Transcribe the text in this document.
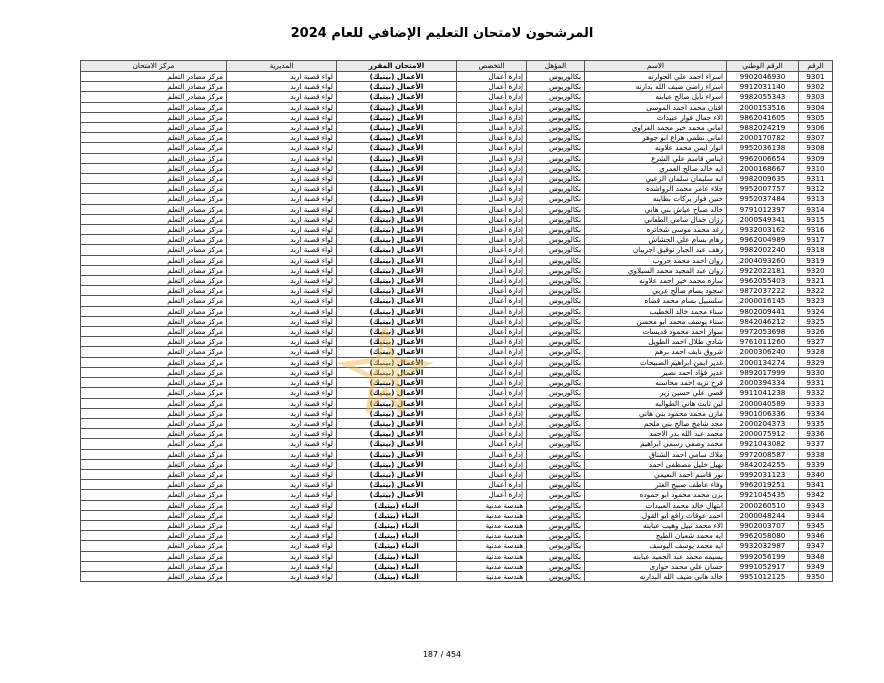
المرشحون لامتحان التعليم الإضافي للعام 2024
الرقم	الرقم الوطني	الاسم	المؤهل	التخصص	الامتحان المقرر	المديرية	مركز الامتحان
9301	9902046930	اسراء احمد علي الجوارنه	بكالوريوس	إدارة أعمال	الأعمال (بيتيك)	لواء قصبة اربد	مركز مصادر التعلم
9302	9912031140	اسراء راضي ضيف الله بدارنه	بكالوريوس	إدارة أعمال	الأعمال (بيتيك)	لواء قصبة اربد	مركز مصادر التعلم
9303	9982055343	اسراء نايل صالح عبابنه	بكالوريوس	إدارة أعمال	الأعمال (بيتيك)	لواء قصبة اربد	مركز مصادر التعلم
9304	2000153516	افنان محمد احمد الموسى	بكالوريوس	إدارة أعمال	الأعمال (بيتيك)	لواء قصبة اربد	مركز مصادر التعلم
9305	9862041605	الاء جمال فواز عبيدات	بكالوريوس	إدارة أعمال	الأعمال (بيتيك)	لواء قصبة اربد	مركز مصادر التعلم
9306	9882024219	اماني محمد خير محمد الغزاوي	بكالوريوس	إدارة أعمال	الأعمال (بيتيك)	لواء قصبة اربد	مركز مصادر التعلم
9307	2000170782	اماني نظمي هزاع ابو جوهر	بكالوريوس	إدارة أعمال	الأعمال (بيتيك)	لواء قصبة اربد	مركز مصادر التعلم
9308	9952036138	انوار ايمن محمد علاونه	بكالوريوس	إدارة أعمال	الأعمال (بيتيك)	لواء قصبة اربد	مركز مصادر التعلم
9309	9962006654	ايناس قاسم علي الشرع	بكالوريوس	إدارة أعمال	الأعمال (بيتيك)	لواء قصبة اربد	مركز مصادر التعلم
9310	2000168667	ايه خالد صالح العمري	بكالوريوس	إدارة أعمال	الأعمال (بيتيك)	لواء قصبة اربد	مركز مصادر التعلم
9311	9982009635	ايه سليمان سلمان الزعبي	بكالوريوس	إدارة أعمال	الأعمال (بيتيك)	لواء قصبة اربد	مركز مصادر التعلم
9312	9952007757	جلاء عامر محمد الرواشده	بكالوريوس	إدارة أعمال	الأعمال (بيتيك)	لواء قصبة اربد	مركز مصادر التعلم
9313	9952037484	حنين فواز بركات بطاينه	بكالوريوس	إدارة أعمال	الأعمال (بيتيك)	لواء قصبة اربد	مركز مصادر التعلم
9314	9791012397	خالد صباح عياش بني هاني	بكالوريوس	إدارة أعمال	الأعمال (بيتيك)	لواء قصبة اربد	مركز مصادر التعلم
9315	2000549341	رزان جمال سامي الطعاني	بكالوريوس	إدارة أعمال	الأعمال (بيتيك)	لواء قصبة اربد	مركز مصادر التعلم
9316	9932003162	رغد محمد موسى شخاتره	بكالوريوس	إدارة أعمال	الأعمال (بيتيك)	لواء قصبة اربد	مركز مصادر التعلم
9317	9962004989	رهام بسام علي الحشاش	بكالوريوس	إدارة أعمال	الأعمال (بيتيك)	لواء قصبة اربد	مركز مصادر التعلم
9318	9982002240	رهف عبد الجبار توفيق اجريبان	بكالوريوس	إدارة أعمال	الأعمال (بيتيك)	لواء قصبة اربد	مركز مصادر التعلم
9319	2004093260	روان احمد محمد حروب	بكالوريوس	إدارة أعمال	الأعمال (بيتيك)	لواء قصبة اربد	مركز مصادر التعلم
9320	9922022181	روان عبد المجيد محمد السيلاوي	بكالوريوس	إدارة أعمال	الأعمال (بيتيك)	لواء قصبة اربد	مركز مصادر التعلم
9321	9962055403	ساره محمد خير احمد علاونه	بكالوريوس	إدارة أعمال	الأعمال (بيتيك)	لواء قصبة اربد	مركز مصادر التعلم
9322	9872037222	سجود بسام صالح عربي	بكالوريوس	إدارة أعمال	الأعمال (بيتيك)	لواء قصبة اربد	مركز مصادر التعلم
9323	2000016145	سلسبيل بسام محمد قضاه	بكالوريوس	إدارة أعمال	الأعمال (بيتيك)	لواء قصبة اربد	مركز مصادر التعلم
9324	9802009441	سناء محمد خالد الخطيب	بكالوريوس	إدارة أعمال	الأعمال (بيتيك)	لواء قصبة اربد	مركز مصادر التعلم
9325	9842046212	سناء يوسف محمد ابو محسن	بكالوريوس	إدارة أعمال	الأعمال (بيتيك)	لواء قصبة اربد	مركز مصادر التعلم
9326	9972053698	سوار احمد محمود قديسات	بكالوريوس	إدارة أعمال	الأعمال (بيتيك)	لواء قصبة اربد	مركز مصادر التعلم
9327	9761011260	شادي طلال احمد الطويل	بكالوريوس	إدارة أعمال	الأعمال (بيتيك)	لواء قصبة اربد	مركز مصادر التعلم
9328	2000306240	شروق نايف احمد برهم	بكالوريوس	إدارة أعمال	الأعمال (بيتيك)	لواء قصبة اربد	مركز مصادر التعلم
9329	2000134274	غدير ايمن ابراهيم الصبيحات	بكالوريوس	إدارة أعمال	الأعمال (بيتيك)	لواء قصبة اربد	مركز مصادر التعلم
9330	9892017999	غدير فؤاد احمد نصير	بكالوريوس	إدارة أعمال	الأعمال (بيتيك)	لواء قصبة اربد	مركز مصادر التعلم
9331	2000394334	فرح نزيه احمد محاسنه	بكالوريوس	إدارة أعمال	الأعمال (بيتيك)	لواء قصبة اربد	مركز مصادر التعلم
9332	9911041238	قصي علي حسين زير	بكالوريوس	إدارة أعمال	الأعمال (بيتيك)	لواء قصبة اربد	مركز مصادر التعلم
9333	2000040589	لين ثابت هاني الطوالبه	بكالوريوس	إدارة أعمال	الأعمال (بيتيك)	لواء قصبة اربد	مركز مصادر التعلم
9334	9901006336	مازن محمد محمود بني هاني	بكالوريوس	إدارة أعمال	الأعمال (بيتيك)	لواء قصبة اربد	مركز مصادر التعلم
9335	2000204373	مجد شامخ صالح بني ملحم	بكالوريوس	إدارة أعمال	الأعمال (بيتيك)	لواء قصبة اربد	مركز مصادر التعلم
9336	2000075912	محمد عبد الله بدر الاحمد	بكالوريوس	إدارة أعمال	الأعمال (بيتيك)	لواء قصبة اربد	مركز مصادر التعلم
9337	9921043082	محمد وصفي رسمي ابراهيم	بكالوريوس	إدارة أعمال	الأعمال (بيتيك)	لواء قصبة اربد	مركز مصادر التعلم
9338	9972008587	ملاك سامي احمد الشناق	بكالوريوس	إدارة أعمال	الأعمال (بيتيك)	لواء قصبة اربد	مركز مصادر التعلم
9339	9842024255	نهيل خليل مصطفى احمد	بكالوريوس	إدارة أعمال	الأعمال (بيتيك)	لواء قصبة اربد	مركز مصادر التعلم
9340	9992031123	نور قاسم احمد النعيمي	بكالوريوس	إدارة أعمال	الأعمال (بيتيك)	لواء قصبة اربد	مركز مصادر التعلم
9341	9962019251	وفاء عاطف صبيح العتر	بكالوريوس	إدارة أعمال	الأعمال (بيتيك)	لواء قصبة اربد	مركز مصادر التعلم
9342	9921045435	يزن محمد محمود ابو حموده	بكالوريوس	إدارة أعمال	الأعمال (بيتيك)	لواء قصبة اربد	مركز مصادر التعلم
9343	2000260510	ابتهال خالد محمد العبيدات	بكالوريوس	هندسة مدنية	البناء (بيتيك)	لواء قصبة اربد	مركز مصادر التعلم
9344	2000048244	احمد عوقات رافع ابو القول	بكالوريوس	هندسة مدنية	البناء (بيتيك)	لواء قصبة اربد	مركز مصادر التعلم
9345	9902003707	الاء محمد نبيل وهيب عبابنه	بكالوريوس	هندسة مدنية	البناء (بيتيك)	لواء قصبة اربد	مركز مصادر التعلم
9346	9962058080	ايه محمد شعبان الطبح	بكالوريوس	هندسة مدنية	البناء (بيتيك)	لواء قصبة اربد	مركز مصادر التعلم
9347	9932032987	ايه محمد يوسف اليوسف	بكالوريوس	هندسة مدنية	البناء (بيتيك)	لواء قصبة اربد	مركز مصادر التعلم
9348	9992056199	بسيمه محمد عبد الحميد عبابنه	بكالوريوس	هندسة مدنية	البناء (بيتيك)	لواء قصبة اربد	مركز مصادر التعلم
9349	9991052917	حسان علي محمد حوارى	بكالوريوس	هندسة مدنية	البناء (بيتيك)	لواء قصبة اربد	مركز مصادر التعلم
9350	9951012125	خالد هاني ضيف الله البدارنه	بكالوريوس	هندسة مدنية	البناء (بيتيك)	لواء قصبة اربد	مركز مصادر التعلم
187 / 454
